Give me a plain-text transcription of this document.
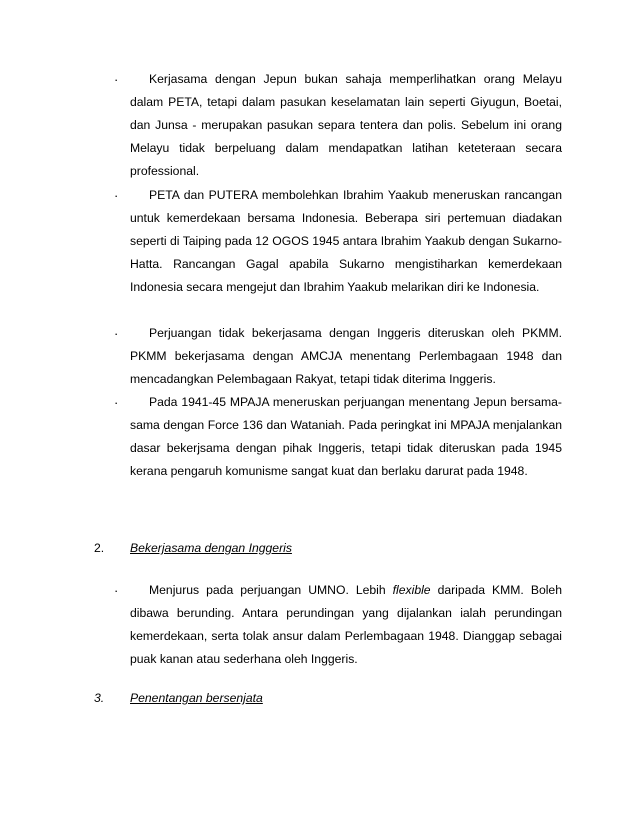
·	Kerjasama dengan Jepun bukan sahaja memperlihatkan orang Melayu dalam PETA, tetapi dalam pasukan keselamatan lain seperti Giyugun, Boetai, dan Junsa - merupakan pasukan separa tentera dan polis. Sebelum ini orang Melayu tidak berpeluang dalam mendapatkan latihan keteteraan secara professional.
·	PETA dan PUTERA membolehkan Ibrahim Yaakub meneruskan rancangan untuk kemerdekaan bersama Indonesia. Beberapa siri pertemuan diadakan seperti di Taiping pada 12 OGOS 1945 antara Ibrahim Yaakub dengan Sukarno-Hatta. Rancangan Gagal apabila Sukarno mengistiharkan kemerdekaan Indonesia secara mengejut dan Ibrahim Yaakub melarikan diri ke Indonesia.
·	Perjuangan tidak bekerjasama dengan Inggeris diteruskan oleh PKMM. PKMM bekerjasama dengan AMCJA menentang Perlembagaan 1948 dan mencadangkan Pelembagaan Rakyat, tetapi tidak diterima Inggeris.
·	Pada 1941-45 MPAJA meneruskan perjuangan menentang Jepun bersama-sama dengan Force 136 dan Wataniah. Pada peringkat ini MPAJA menjalankan dasar bekerjsama dengan pihak Inggeris, tetapi tidak diteruskan pada 1945 kerana pengaruh komunisme sangat kuat dan berlaku darurat pada 1948.
2. Bekerjasama dengan Inggeris
·	Menjurus pada perjuangan UMNO. Lebih flexible daripada KMM. Boleh dibawa berunding. Antara perundingan yang dijalankan ialah perundingan kemerdekaan, serta tolak ansur dalam Perlembagaan 1948. Dianggap sebagai puak kanan atau sederhana oleh Inggeris.
3. Penentangan bersenjata
